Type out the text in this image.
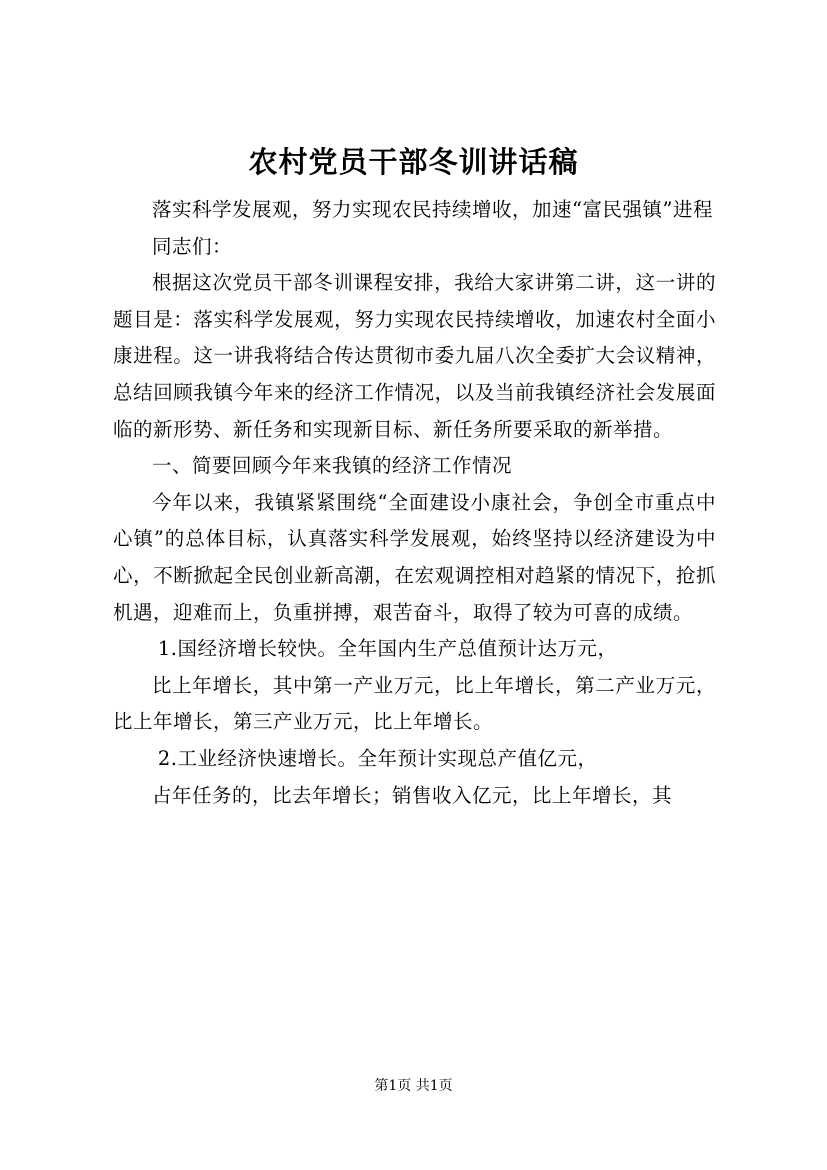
农村党员干部冬训讲话稿

落实科学发展观，努力实现农民持续增收，加速“富民强镇”进程

同志们：

根据这次党员干部冬训课程安排，我给大家讲第二讲，这一讲的题目是：落实科学发展观，努力实现农民持续增收，加速农村全面小康进程。这一讲我将结合传达贯彻市委九届八次全委扩大会议精神，总结回顾我镇今年来的经济工作情况，以及当前我镇经济社会发展面临的新形势、新任务和实现新目标、新任务所要采取的新举措。

一、简要回顾今年来我镇的经济工作情况

今年以来，我镇紧紧围绕“全面建设小康社会，争创全市重点中心镇”的总体目标，认真落实科学发展观，始终坚持以经济建设为中心，不断掀起全民创业新高潮，在宏观调控相对趋紧的情况下，抢抓机遇，迎难而上，负重拼搏，艰苦奋斗，取得了较为可喜的成绩。

1.国经济增长较快。全年国内生产总值预计达万元，

比上年增长，其中第一产业万元，比上年增长，第二产业万元，比上年增长，第三产业万元，比上年增长。

2.工业经济快速增长。全年预计实现总产值亿元，

占年任务的，比去年增长；销售收入亿元，比上年增长，其

第1页 共1页
